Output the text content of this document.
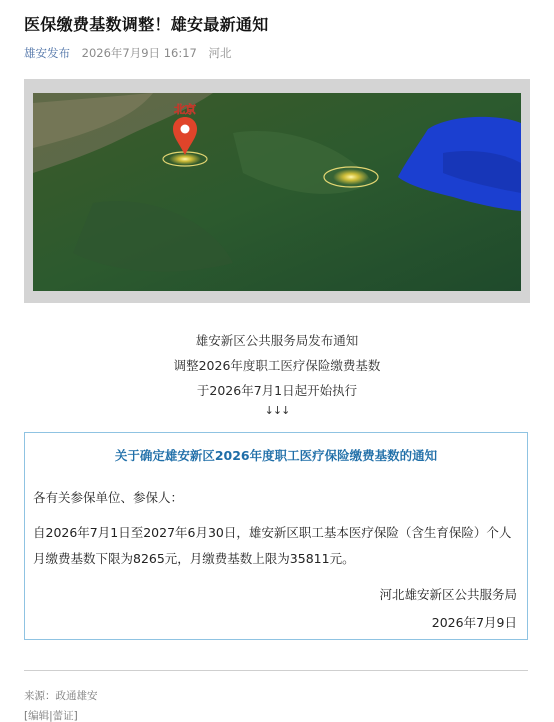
医保缴费基数调整！雄安最新通知
雄安发布 2026年7月9日 16:17 河北
北京
雄安新区公共服务局发布通知
调整2026年度职工医疗保险缴费基数
于2026年7月1日起开始执行
↓↓↓
关于确定雄安新区2026年度职工医疗保险缴费基数的通知
各有关参保单位、参保人：
自2026年7月1日至2027年6月30日，雄安新区职工基本医疗保险（含生育保险）个人月缴费基数下限为8265元，月缴费基数上限为35811元。
河北雄安新区公共服务局
2026年7月9日
来源：政通雄安
[编辑|蕾证]
